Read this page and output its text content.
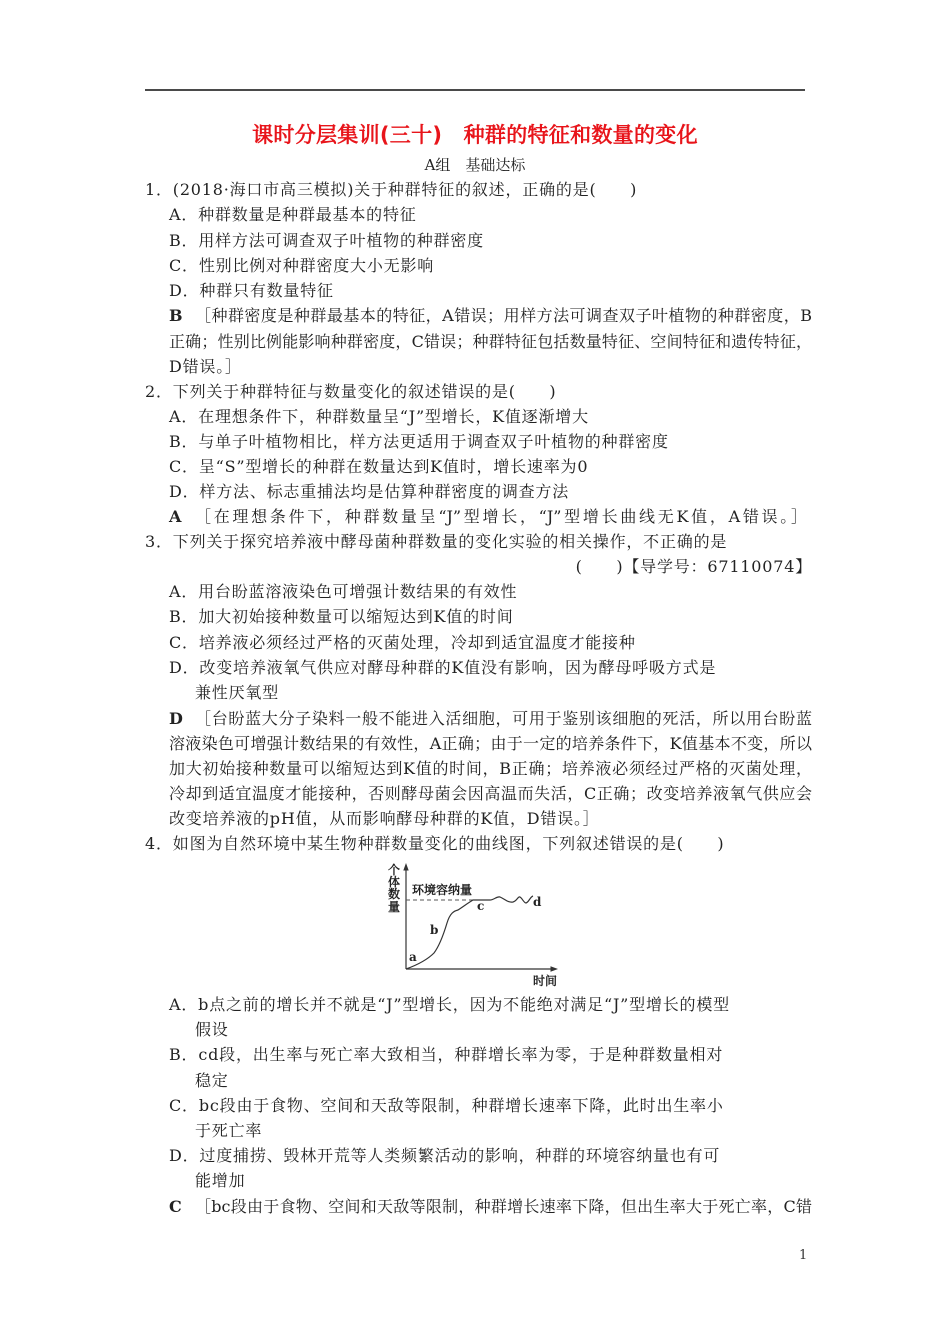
课时分层集训(三十)　种群的特征和数量的变化
A组　基础达标
1．(2018·海口市高三模拟)关于种群特征的叙述，正确的是(　　)
A．种群数量是种群最基本的特征
B．用样方法可调查双子叶植物的种群密度
C．性别比例对种群密度大小无影响
D．种群只有数量特征
B ［种群密度是种群最基本的特征，A错误；用样方法可调查双子叶植物的种群密度，B
正确；性别比例能影响种群密度，C错误；种群特征包括数量特征、空间特征和遗传特征，
D错误。］
2．下列关于种群特征与数量变化的叙述错误的是(　　)
A．在理想条件下，种群数量呈“J”型增长，K值逐渐增大
B．与单子叶植物相比，样方法更适用于调查双子叶植物的种群密度
C．呈“S”型增长的种群在数量达到K值时，增长速率为0
D．样方法、标志重捕法均是估算种群密度的调查方法
A ［在理想条件下，种群数量呈“J”型增长，“J”型增长曲线无K值，A错误。］
3．下列关于探究培养液中酵母菌种群数量的变化实验的相关操作，不正确的是
(　　)【导学号：67110074】
A．用台盼蓝溶液染色可增强计数结果的有效性
B．加大初始接种数量可以缩短达到K值的时间
C．培养液必须经过严格的灭菌处理，冷却到适宜温度才能接种
D．改变培养液氧气供应对酵母种群的K值没有影响，因为酵母呼吸方式是
兼性厌氧型
D ［台盼蓝大分子染料一般不能进入活细胞，可用于鉴别该细胞的死活，所以用台盼蓝
溶液染色可增强计数结果的有效性，A正确；由于一定的培养条件下，K值基本不变，所以
加大初始接种数量可以缩短达到K值的时间，B正确；培养液必须经过严格的灭菌处理，
冷却到适宜温度才能接种，否则酵母菌会因高温而失活，C正确；改变培养液氧气供应会
改变培养液的pH值，从而影响酵母种群的K值，D错误。］
4．如图为自然环境中某生物种群数量变化的曲线图，下列叙述错误的是(　　)
个体数量
环境容纳量
a
b
c	d
时间
A．b点之前的增长并不就是“J”型增长，因为不能绝对满足“J”型增长的模型
假设
B．cd段，出生率与死亡率大致相当，种群增长率为零，于是种群数量相对
稳定
C．bc段由于食物、空间和天敌等限制，种群增长速率下降，此时出生率小
于死亡率
D．过度捕捞、毁林开荒等人类频繁活动的影响，种群的环境容纳量也有可
能增加
C ［bc段由于食物、空间和天敌等限制，种群增长速率下降，但出生率大于死亡率，C错
1
